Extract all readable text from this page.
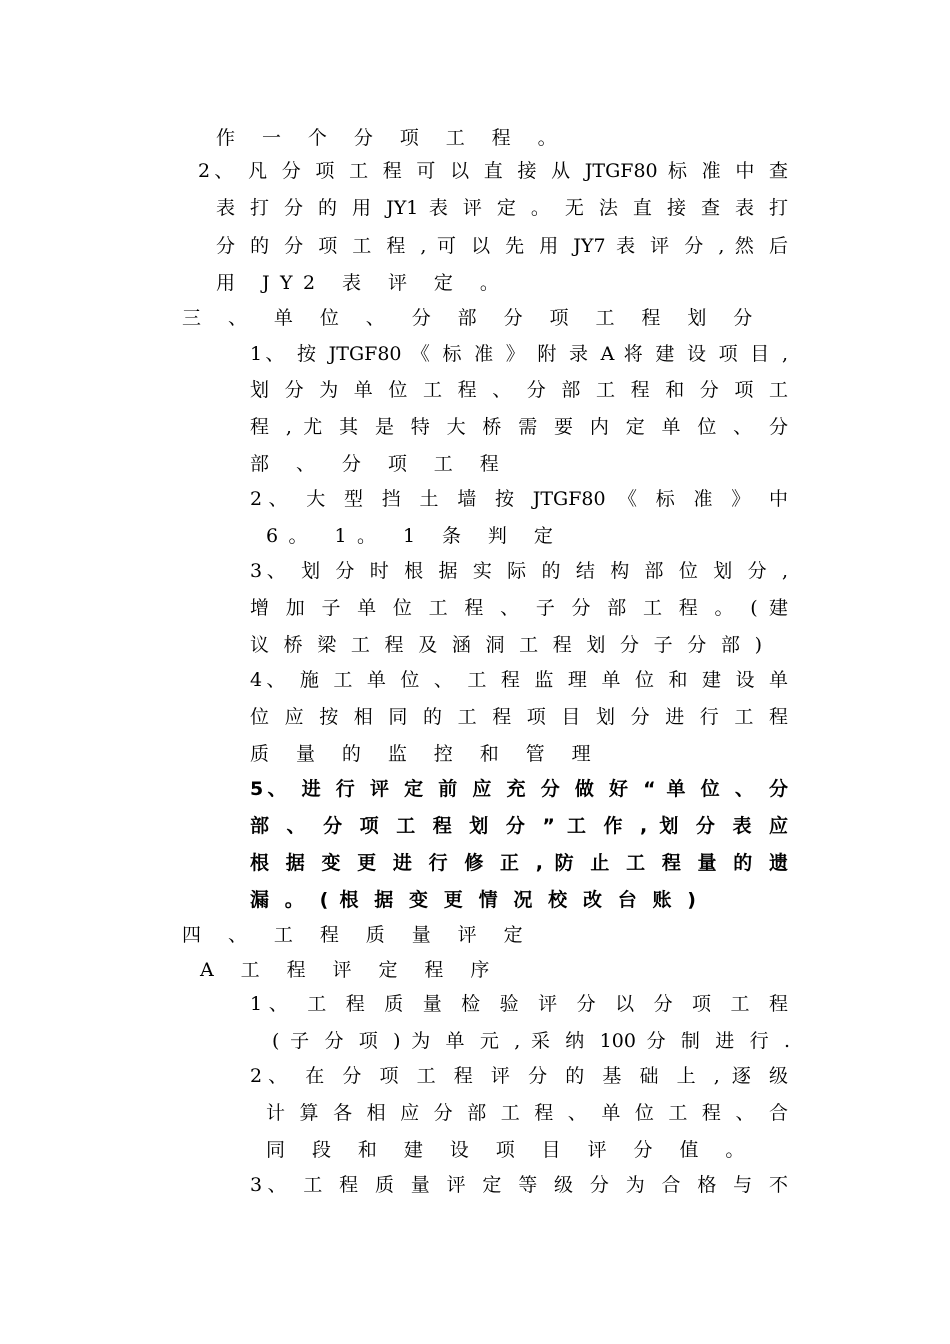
作 一 个 分 项 工 程 。
2、 凡 分 项 工 程 可 以 直 接 从 JTGF80 标 准 中 查
表 打 分 的 用 JY1 表 评 定 。 无 法 直 接 查 表 打
分 的 分 项 工 程 , 可 以 先 用 JY7 表 评 分 , 然 后
用 JY2 表 评 定 。
三 、 单 位 、 分 部 分 项 工 程 划 分
1、 按 JTGF80 《 标 准 》 附 录 A 将 建 设 项 目 ,
划 分 为 单 位 工 程 、 分 部 工 程 和 分 项 工
程 , 尤 其 是 特 大 桥 需 要 内 定 单 位 、 分
部 、 分 项 工 程
2、 大 型 挡 土 墙 按 JTGF80 《 标 准 》 中
6。 1。 1 条 判 定
3、 划 分 时 根 据 实 际 的 结 构 部 位 划 分 ,
增 加 子 单 位 工 程 、 子 分 部 工 程 。 ( 建
议 桥 梁 工 程 及 涵 洞 工 程 划 分 子 分 部 )
4、 施 工 单 位 、 工 程 监 理 单 位 和 建 设 单
位 应 按 相 同 的 工 程 项 目 划 分 进 行 工 程
质 量 的 监 控 和 管 理
5、 进 行 评 定 前 应 充 分 做 好 “ 单 位 、 分
部 、 分 项 工 程 划 分 ” 工 作 , 划 分 表 应
根 据 变 更 进 行 修 正 , 防 止 工 程 量 的 遗
漏 。 ( 根 据 变 更 情 况 校 改 台 账 )
四 、 工 程 质 量 评 定
A 工 程 评 定 程 序
1、 工 程 质 量 检 验 评 分 以 分 项 工 程
( 子 分 项 ) 为 单 元 , 采 纳 100 分 制 进 行 .
2、 在 分 项 工 程 评 分 的 基 础 上 , 逐 级
计 算 各 相 应 分 部 工 程 、 单 位 工 程 、 合
同 段 和 建 设 项 目 评 分 值 。
3、 工 程 质 量 评 定 等 级 分 为 合 格 与 不
